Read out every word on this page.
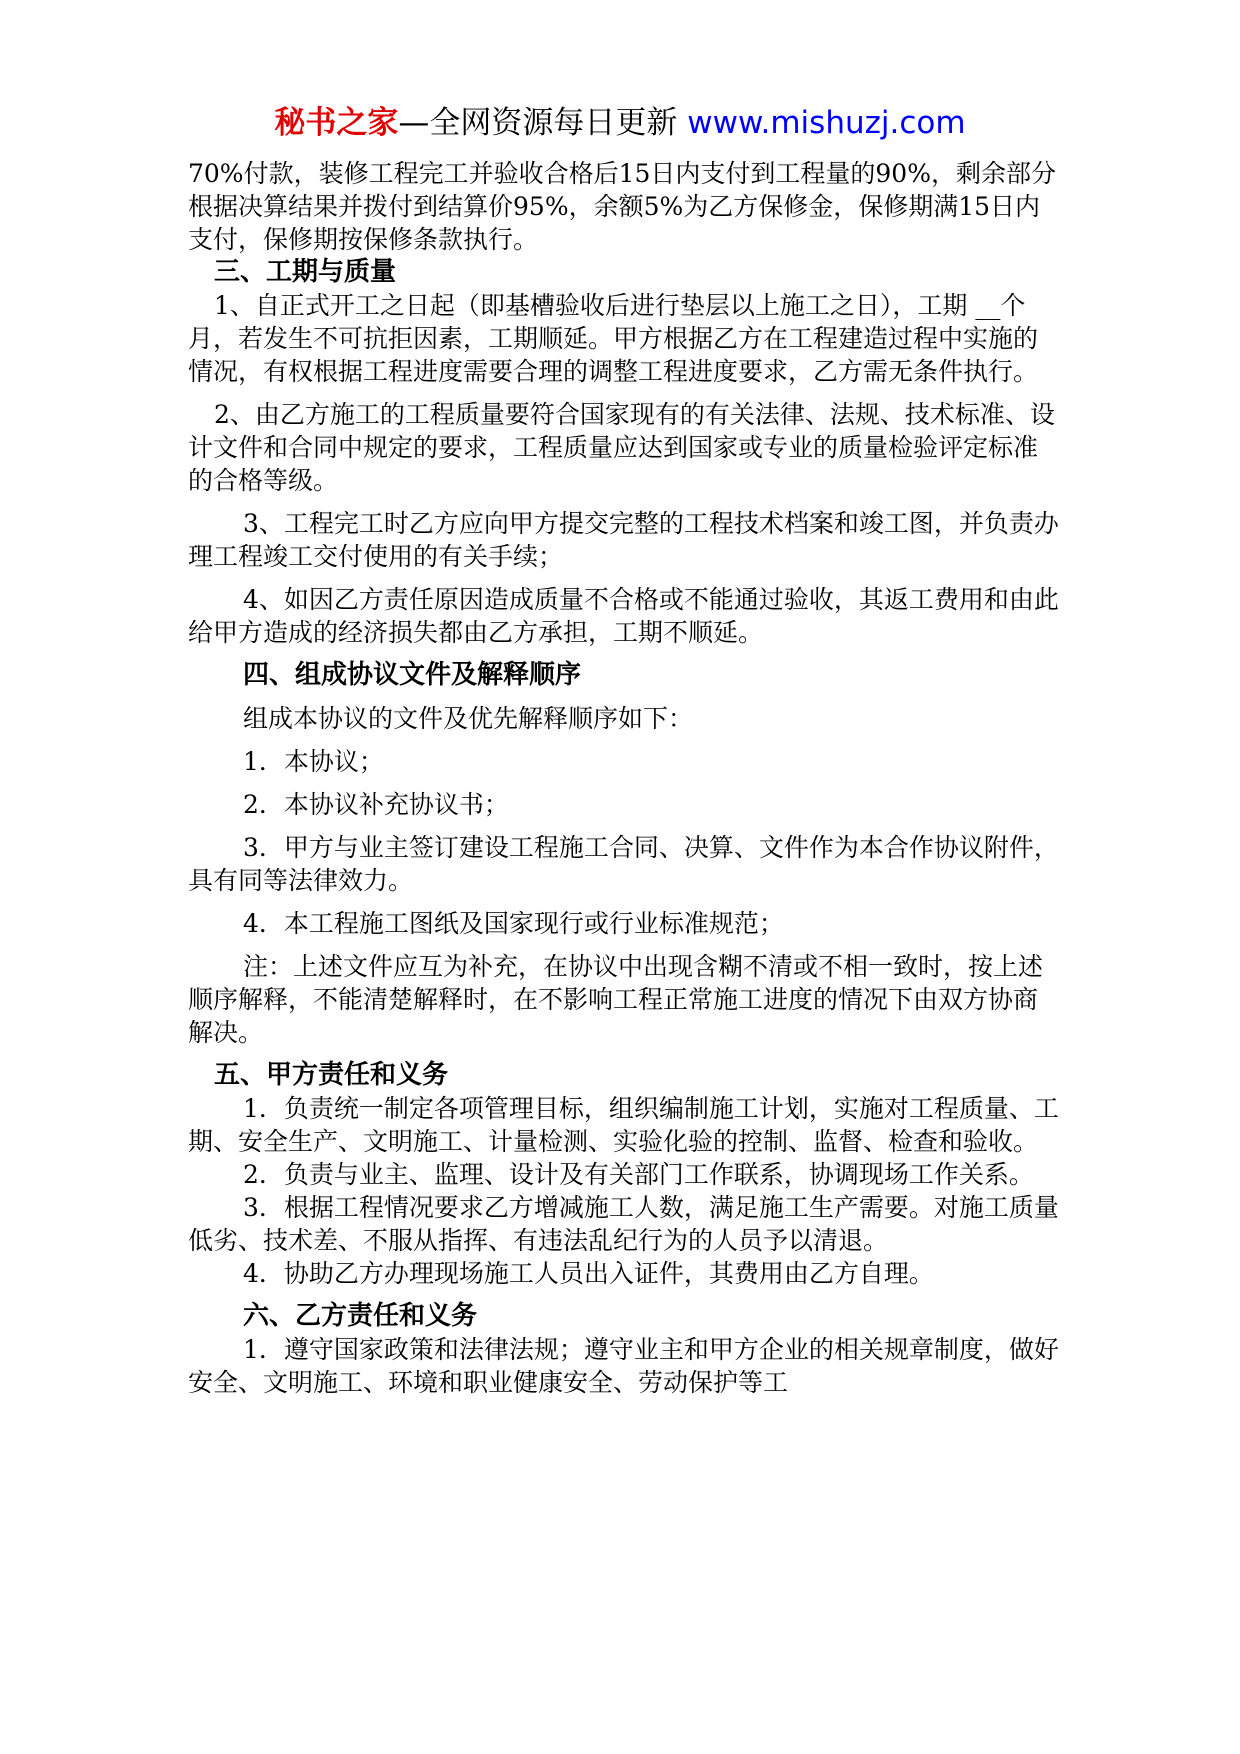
秘书之家—全网资源每日更新 www.mishuzj.com

70%付款，装修工程完工并验收合格后15日内支付到工程量的90%，剩余部分根据决算结果并拨付到结算价95%，余额5%为乙方保修金，保修期满15日内支付，保修期按保修条款执行。

三、工期与质量

1、自正式开工之日起（即基槽验收后进行垫层以上施工之日），工期 __个月，若发生不可抗拒因素，工期顺延。甲方根据乙方在工程建造过程中实施的情况，有权根据工程进度需要合理的调整工程进度要求，乙方需无条件执行。

2、由乙方施工的工程质量要符合国家现有的有关法律、法规、技术标准、设计文件和合同中规定的要求，工程质量应达到国家或专业的质量检验评定标准的合格等级。

3、工程完工时乙方应向甲方提交完整的工程技术档案和竣工图，并负责办理工程竣工交付使用的有关手续；

4、如因乙方责任原因造成质量不合格或不能通过验收，其返工费用和由此给甲方造成的经济损失都由乙方承担，工期不顺延。

四、组成协议文件及解释顺序

组成本协议的文件及优先解释顺序如下：

1．本协议；

2．本协议补充协议书；

3．甲方与业主签订建设工程施工合同、决算、文件作为本合作协议附件，具有同等法律效力。

4．本工程施工图纸及国家现行或行业标准规范；

注：上述文件应互为补充，在协议中出现含糊不清或不相一致时，按上述顺序解释，不能清楚解释时，在不影响工程正常施工进度的情况下由双方协商解决。

五、甲方责任和义务

1．负责统一制定各项管理目标，组织编制施工计划，实施对工程质量、工期、安全生产、文明施工、计量检测、实验化验的控制、监督、检查和验收。

2．负责与业主、监理、设计及有关部门工作联系，协调现场工作关系。

3．根据工程情况要求乙方增减施工人数，满足施工生产需要。对施工质量低劣、技术差、不服从指挥、有违法乱纪行为的人员予以清退。

4．协助乙方办理现场施工人员出入证件，其费用由乙方自理。

六、乙方责任和义务

1．遵守国家政策和法律法规；遵守业主和甲方企业的相关规章制度，做好安全、文明施工、环境和职业健康安全、劳动保护等工
